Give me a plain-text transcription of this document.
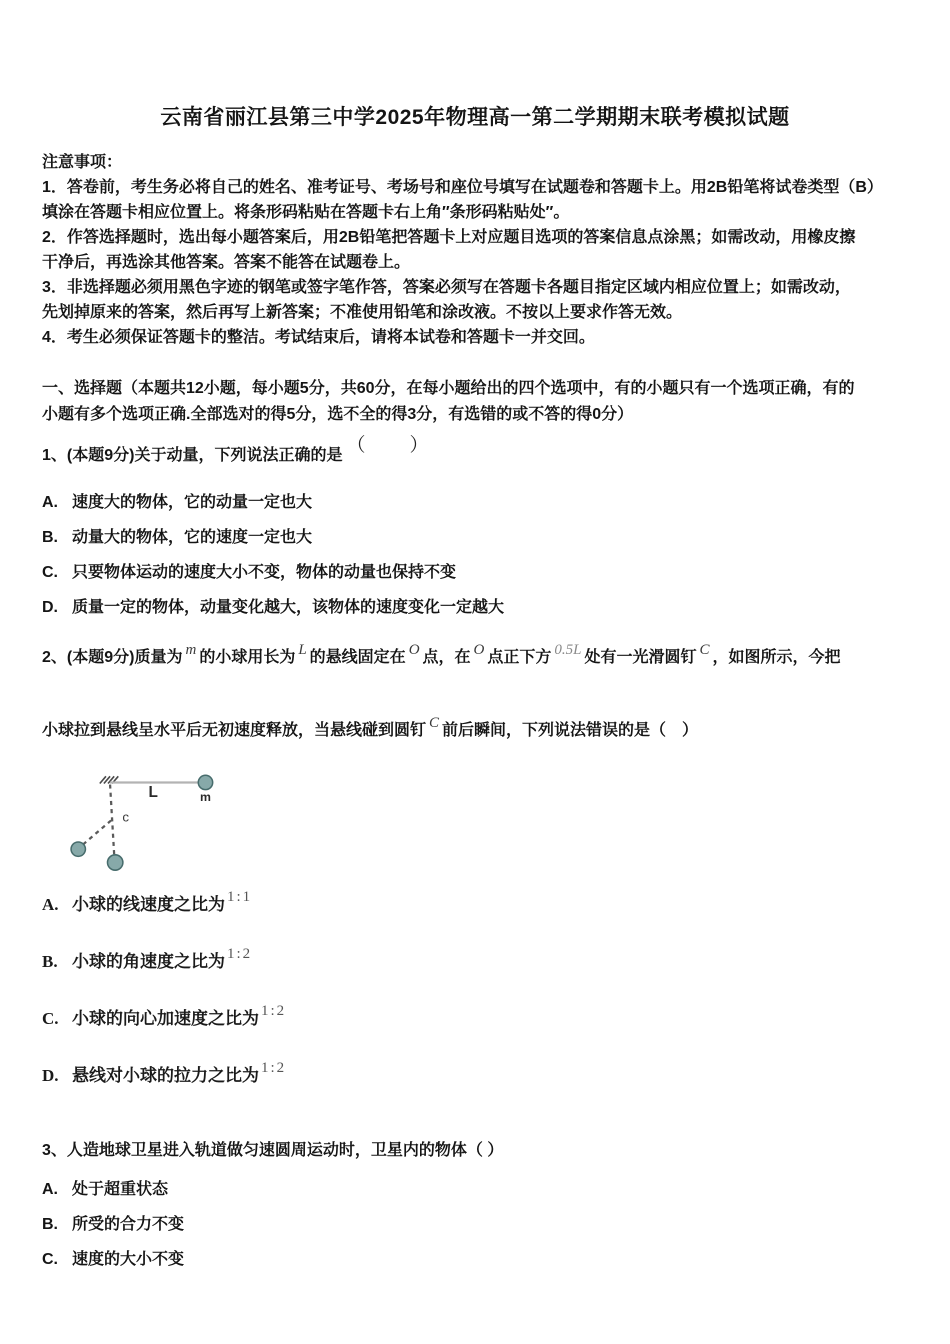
云南省丽江县第三中学2025年物理高一第二学期期末联考模拟试题
注意事项：
1．答卷前，考生务必将自己的姓名、准考证号、考场号和座位号填写在试题卷和答题卡上。用2B铅笔将试卷类型（B）
填涂在答题卡相应位置上。将条形码粘贴在答题卡右上角″条形码粘贴处″。
2．作答选择题时，选出每小题答案后，用2B铅笔把答题卡上对应题目选项的答案信息点涂黑；如需改动，用橡皮擦
干净后，再选涂其他答案。答案不能答在试题卷上。
3．非选择题必须用黑色字迹的钢笔或签字笔作答，答案必须写在答题卡各题目指定区域内相应位置上；如需改动，
先划掉原来的答案，然后再写上新答案；不准使用铅笔和涂改液。不按以上要求作答无效。
4．考生必须保证答题卡的整洁。考试结束后，请将本试卷和答题卡一并交回。
一、选择题（本题共12小题，每小题5分，共60分，在每小题给出的四个选项中，有的小题只有一个选项正确，有的
小题有多个选项正确.全部选对的得5分，选不全的得3分，有选错的或不答的得0分）

1、(本题9分)关于动量，下列说法正确的是 （　　）

A. 速度大的物体，它的动量一定也大
B. 动量大的物体，它的速度一定也大
C. 只要物体运动的速度大小不变，物体的动量也保持不变
D. 质量一定的物体，动量变化越大，该物体的速度变化一定越大

2、(本题9分)质量为 m 的小球用长为 L 的悬线固定在 O 点，在 O 点正下方 0.5L 处有一光滑圆钉 C ，如图所示，今把

小球拉到悬线呈水平后无初速度释放，当悬线碰到圆钉 C 前后瞬间，下列说法错误的是（　）

L	m
c
A. 小球的线速度之比为 1:1
B. 小球的角速度之比为 1:2
C. 小球的向心加速度之比为 1:2
D. 悬线对小球的拉力之比为 1:2

3、人造地球卫星进入轨道做匀速圆周运动时，卫星内的物体（ ）

A. 处于超重状态
B. 所受的合力不变
C. 速度的大小不变
